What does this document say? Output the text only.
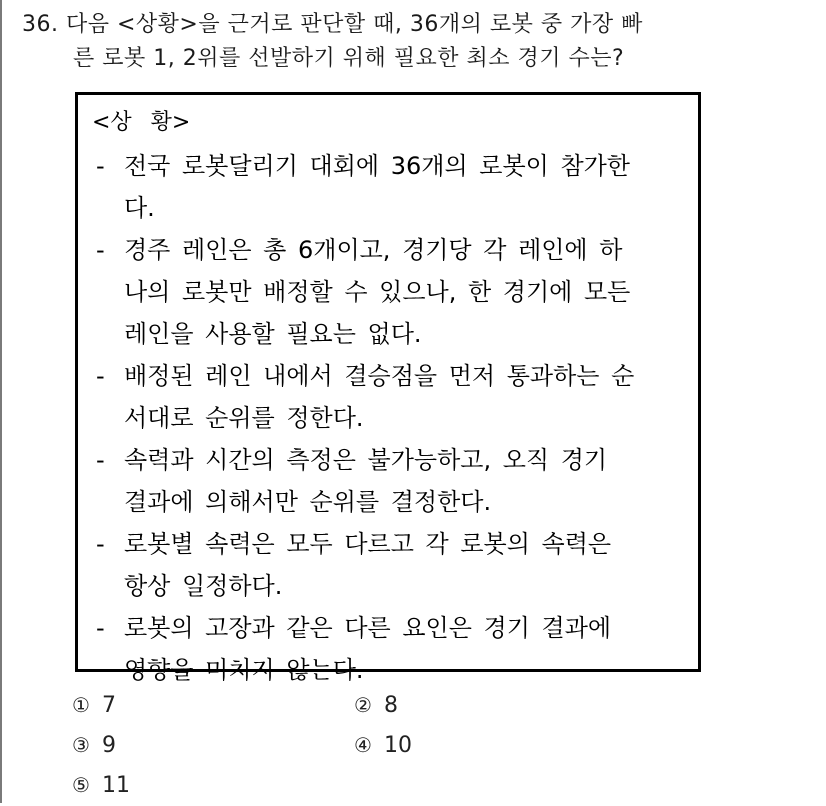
36. 다음 <상황>을 근거로 판단할 때, 36개의 로봇 중 가장 빠
른 로봇 1, 2위를 선발하기 위해 필요한 최소 경기 수는?
<상 황>
- 전국 로봇달리기 대회에 36개의 로봇이 참가한
다.
- 경주 레인은 총 6개이고, 경기당 각 레인에 하
나의 로봇만 배정할 수 있으나, 한 경기에 모든
레인을 사용할 필요는 없다.
- 배정된 레인 내에서 결승점을 먼저 통과하는 순
서대로 순위를 정한다.
- 속력과 시간의 측정은 불가능하고, 오직 경기
결과에 의해서만 순위를 결정한다.
- 로봇별 속력은 모두 다르고 각 로봇의 속력은
항상 일정하다.
- 로봇의 고장과 같은 다른 요인은 경기 결과에
영향을 미치지 않는다.
① 7	② 8
③ 9	④ 10
⑤ 11
